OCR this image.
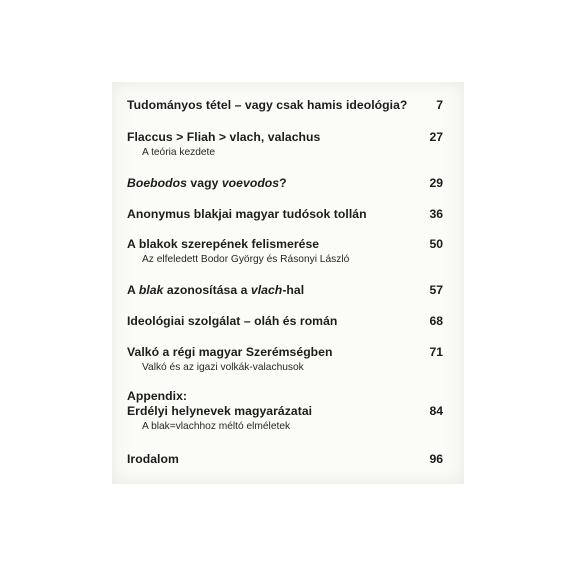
Tudományos tétel – vagy csak hamis ideológia?	7
Flaccus > Fliah > vlach, valachus	27
A teória kezdete
Boebodos vagy voevodos?	29
Anonymus blakjai magyar tudósok tollán	36
A blakok szerepének felismerése	50
Az elfeledett Bodor György és Rásonyi László
A blak azonosítása a vlach-hal	57
Ideológiai szolgálat – oláh és román	68
Valkó a régi magyar Szerémségben	71
Valkó és az igazi volkák-valachusok
Appendix:
Erdélyi helynevek magyarázatai	84
A blak=vlachhoz méltó elméletek
Irodalom	96
